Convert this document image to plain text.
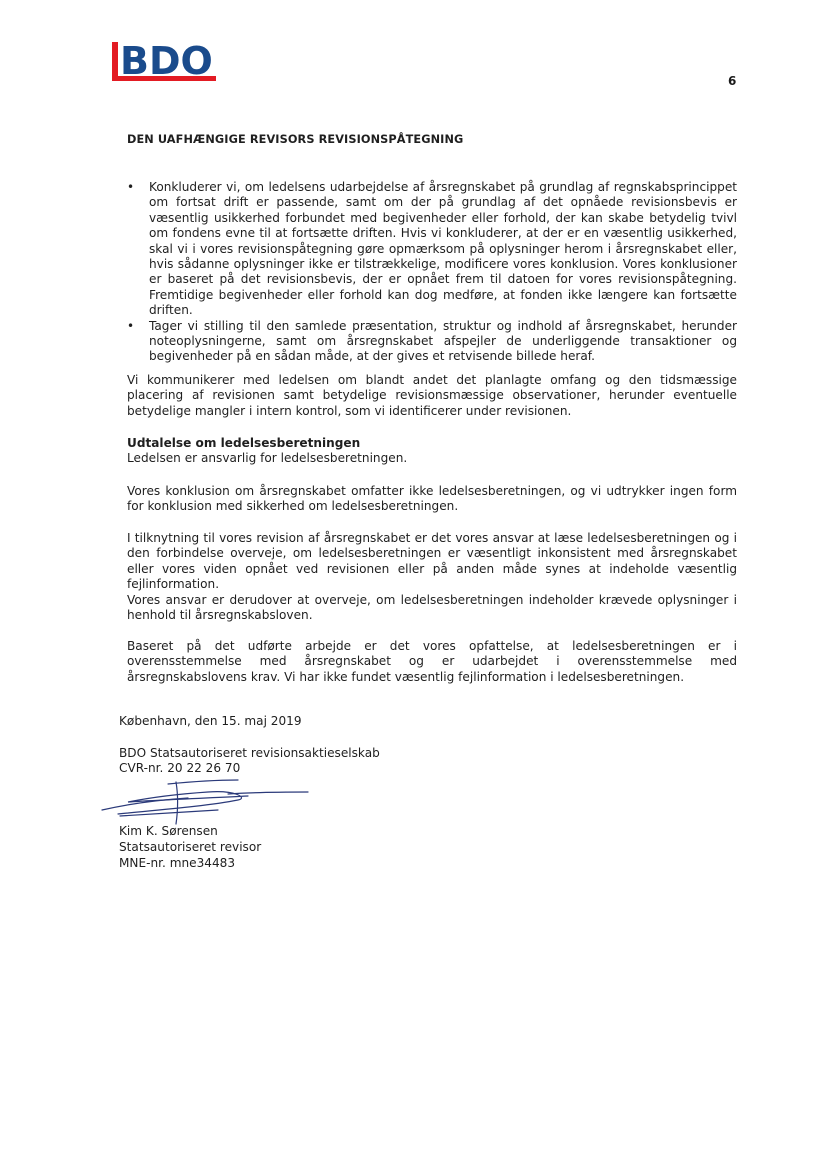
BDO	6
DEN UAFHÆNGIGE REVISORS REVISIONSPÅTEGNING
• Konkluderer vi, om ledelsens udarbejdelse af årsregnskabet på grundlag af regnskabsprincippet om fortsat drift er passende, samt om der på grundlag af det opnåede revisionsbevis er væsentlig usikkerhed forbundet med begivenheder eller forhold, der kan skabe betydelig tvivl om fondens evne til at fortsætte driften. Hvis vi konkluderer, at der er en væsentlig usikkerhed, skal vi i vores revisionspåtegning gøre opmærksom på oplysninger herom i årsregnskabet eller, hvis sådanne oplysninger ikke er tilstrækkelige, modificere vores konklusion. Vores konklusioner er baseret på det revisionsbevis, der er opnået frem til datoen for vores revisionspåtegning. Fremtidige begivenheder eller forhold kan dog medføre, at fonden ikke længere kan fortsætte driften.
• Tager vi stilling til den samlede præsentation, struktur og indhold af årsregnskabet, herunder noteoplysningerne, samt om årsregnskabet afspejler de underliggende transaktioner og begivenheder på en sådan måde, at der gives et retvisende billede heraf.

Vi kommunikerer med ledelsen om blandt andet det planlagte omfang og den tidsmæssige placering af revisionen samt betydelige revisionsmæssige observationer, herunder eventuelle betydelige mangler i intern kontrol, som vi identificerer under revisionen.

Udtalelse om ledelsesberetningen
Ledelsen er ansvarlig for ledelsesberetningen.

Vores konklusion om årsregnskabet omfatter ikke ledelsesberetningen, og vi udtrykker ingen form for konklusion med sikkerhed om ledelsesberetningen.

I tilknytning til vores revision af årsregnskabet er det vores ansvar at læse ledelsesberetningen og i den forbindelse overveje, om ledelsesberetningen er væsentligt inkonsistent med årsregnskabet eller vores viden opnået ved revisionen eller på anden måde synes at indeholde væsentlig fejlinformation.

Vores ansvar er derudover at overveje, om ledelsesberetningen indeholder krævede oplysninger i henhold til årsregnskabsloven.

Baseret på det udførte arbejde er det vores opfattelse, at ledelsesberetningen er i overensstemmelse med årsregnskabet og er udarbejdet i overensstemmelse med årsregnskabslovens krav. Vi har ikke fundet væsentlig fejlinformation i ledelsesberetningen.

København, den 15. maj 2019
BDO Statsautoriseret revisionsaktieselskab
CVR-nr. 20 22 26 70
Kim K. Sørensen
Statsautoriseret revisor
MNE-nr. mne34483
